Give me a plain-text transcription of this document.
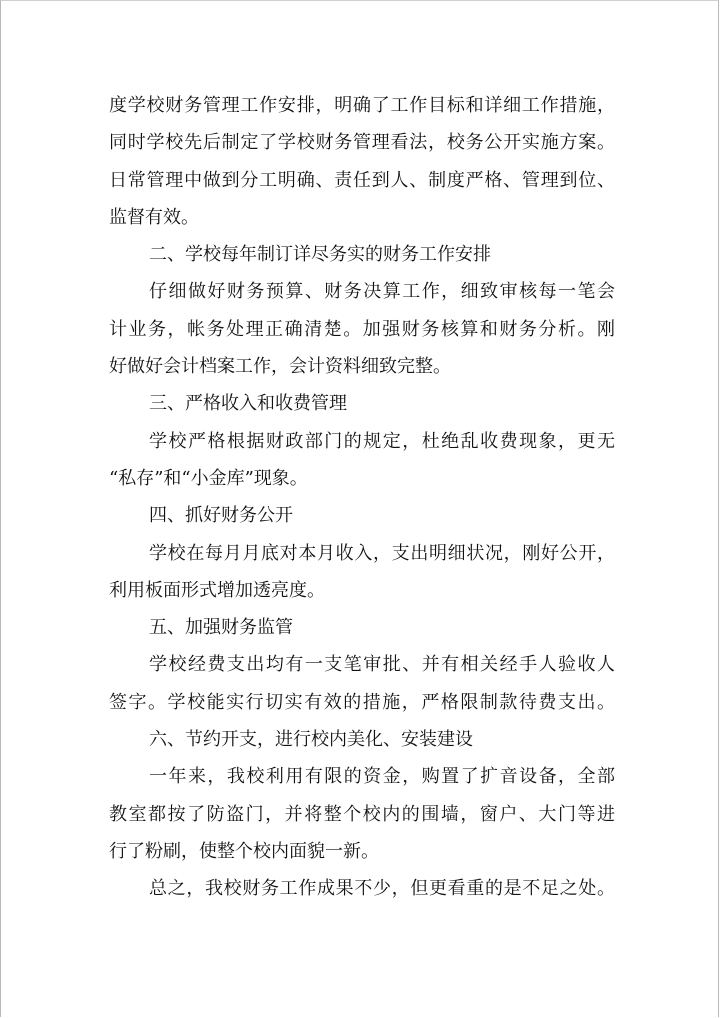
度学校财务管理工作安排，明确了工作目标和详细工作措施，
同时学校先后制定了学校财务管理看法，校务公开实施方案。
日常管理中做到分工明确、责任到人、制度严格、管理到位、
监督有效。
二、学校每年制订详尽务实的财务工作安排
仔细做好财务预算、财务决算工作，细致审核每一笔会
计业务，帐务处理正确清楚。加强财务核算和财务分析。刚
好做好会计档案工作，会计资料细致完整。
三、严格收入和收费管理
学校严格根据财政部门的规定，杜绝乱收费现象，更无
“私存”和“小金库”现象。
四、抓好财务公开
学校在每月月底对本月收入，支出明细状况，刚好公开，
利用板面形式增加透亮度。
五、加强财务监管
学校经费支出均有一支笔审批、并有相关经手人验收人
签字。学校能实行切实有效的措施，严格限制款待费支出。
六、节约开支，进行校内美化、安装建设
一年来，我校利用有限的资金，购置了扩音设备，全部
教室都按了防盗门，并将整个校内的围墙，窗户、大门等进
行了粉刷，使整个校内面貌一新。
总之，我校财务工作成果不少，但更看重的是不足之处。
